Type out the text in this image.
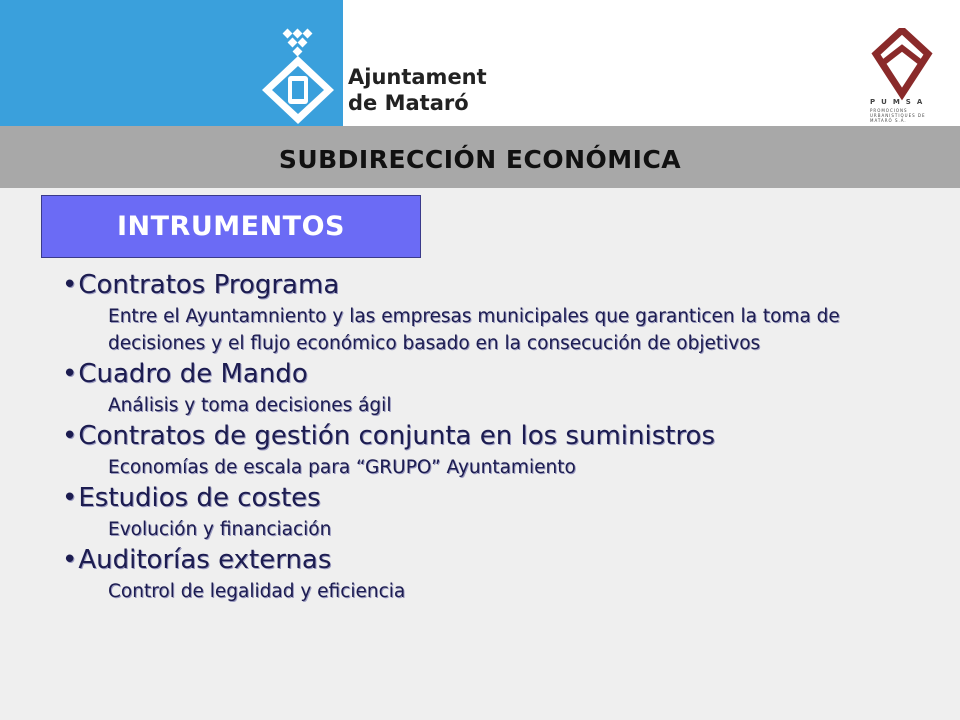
Ajuntament
de Mataró	PUMSA
PROMOCIONS URBANISTIQUES DE MATARÓ S.A.
SUBDIRECCIÓN ECONÓMICA
INTRUMENTOS
•Contratos Programa
Entre el Ayuntamniento y las empresas municipales que garanticen la toma de decisiones y el flujo económico basado en la consecución de objetivos
•Cuadro de Mando
Análisis y toma decisiones ágil
•Contratos de gestión conjunta en los suministros
Economías de escala para “GRUPO” Ayuntamiento
•Estudios de costes
Evolución y financiación
•Auditorías externas
Control de legalidad y eficiencia
